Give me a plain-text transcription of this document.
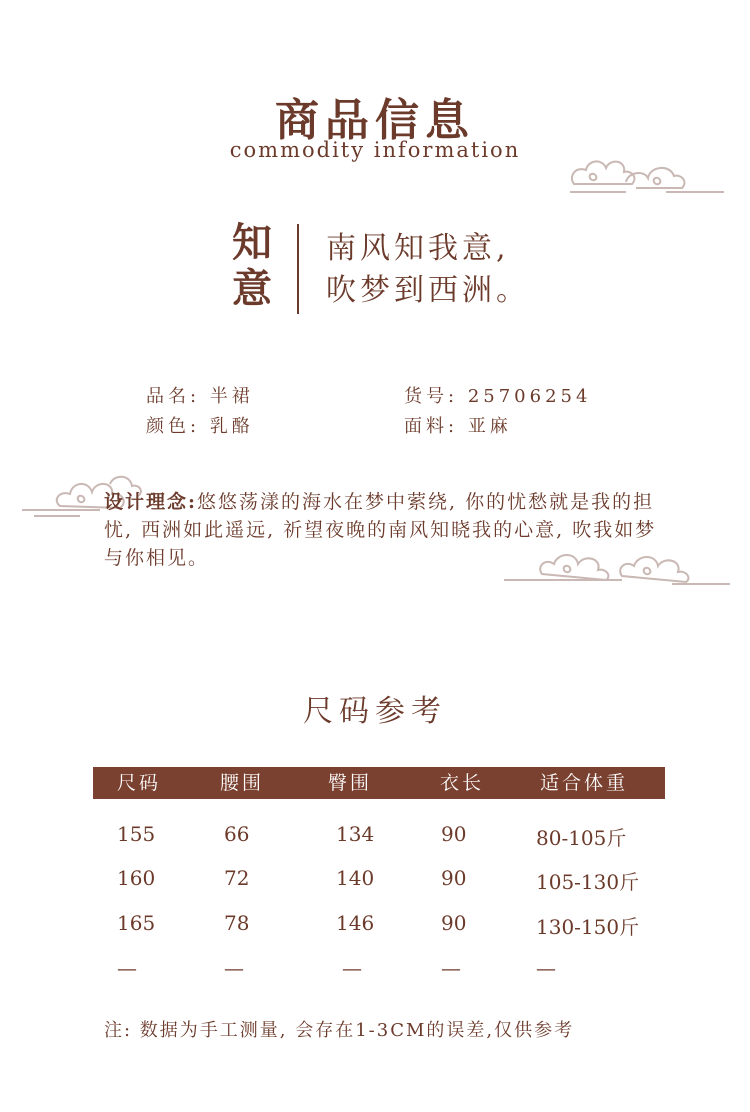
商品信息
commodity information
知
意
南风知我意,
吹梦到西洲。
品名: 半裙	货号: 25706254
颜色: 乳酪	面料: 亚麻
设计理念:悠悠荡漾的海水在梦中萦绕, 你的忧愁就是我的担忧, 西洲如此遥远, 祈望夜晚的南风知晓我的心意, 吹我如梦与你相见。
尺码参考
尺码	腰围	臀围	衣长	适合体重
155	66	134	90	80-105斤
160	72	140	90	105-130斤
165	78	146	90	130-150斤
—	—	—	—	—
注: 数据为手工测量, 会存在1-3CM的误差,仅供参考
